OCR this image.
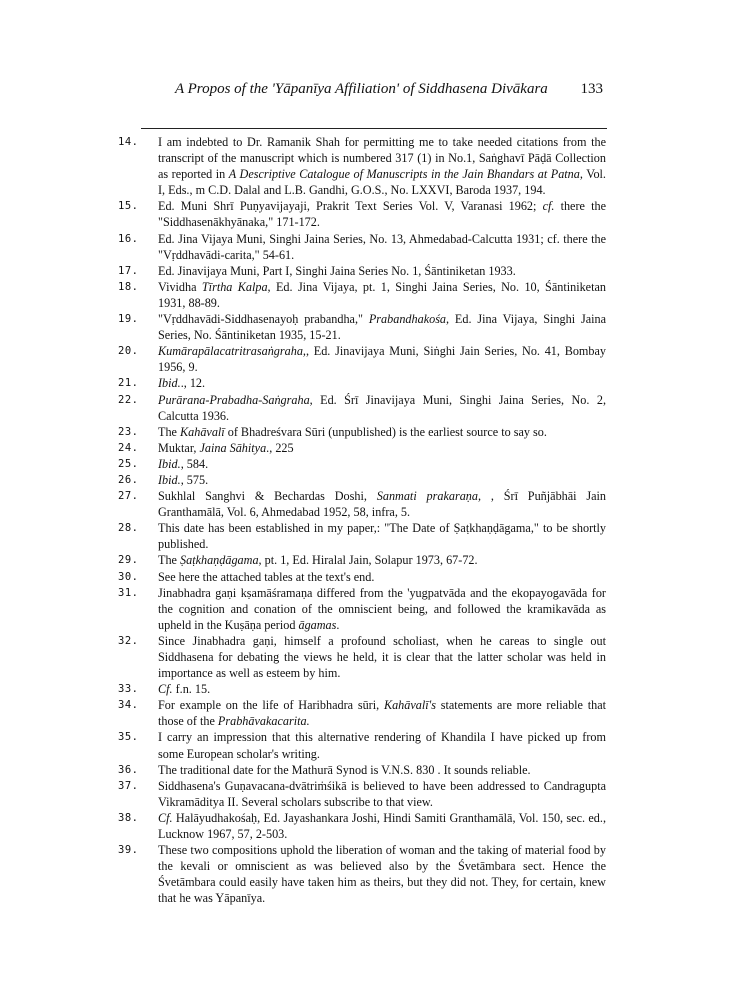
A Propos of the 'Yāpanīya Affiliation' of Siddhasena Divākara 133
14.	I am indebted to Dr. Ramanik Shah for permitting me to take needed citations from the transcript of the manuscript which is numbered 317 (1) in No.1, Saṅghavī Pāḍā Collection as reported in A Descriptive Catalogue of Manuscripts in the Jain Bhandars at Patna, Vol. I, Eds., m C.D. Dalal and L.B. Gandhi, G.O.S., No. LXXVI, Baroda 1937, 194.
15.	Ed. Muni Shrī Puṇyavijayaji, Prakrit Text Series Vol. V, Varanasi 1962; cf. there the "Siddhasenākhyānaka," 171-172.
16.	Ed. Jina Vijaya Muni, Singhi Jaina Series, No. 13, Ahmedabad-Calcutta 1931; cf. there the "Vṛddhavādi-carita," 54-61.
17.	Ed. Jinavijaya Muni, Part I, Singhi Jaina Series No. 1, Śāntiniketan 1933.
18.	Vividha Tīrtha Kalpa, Ed. Jina Vijaya, pt. 1, Singhi Jaina Series, No. 10, Śāntiniketan 1931, 88-89.
19.	"Vṛddhavādi-Siddhasenayoḥ prabandha," Prabandhakośa, Ed. Jina Vijaya, Singhi Jaina Series, No. Śāntiniketan 1935, 15-21.
20.	Kumārapālacatritrasaṅgraha,, Ed. Jinavijaya Muni, Siṅghi Jain Series, No. 41, Bombay 1956, 9.
21.	Ibid.., 12.
22.	Purārana-Prabadha-Saṅgraha, Ed. Śrī Jinavijaya Muni, Singhi Jaina Series, No. 2, Calcutta 1936.
23.	The Kahāvalī of Bhadreśvara Sūri (unpublished) is the earliest source to say so.
24.	Muktar, Jaina Sāhitya., 225
25.	Ibid., 584.
26.	Ibid., 575.
27.	Sukhlal Sanghvi & Bechardas Doshi, Sanmati prakaraṇa, , Śrī Puñjābhāi Jain Granthamālā, Vol. 6, Ahmedabad 1952, 58, infra, 5.
28.	This date has been established in my paper,: "The Date of Ṣaṭkhaṇḍāgama," to be shortly published.
29.	The Ṣaṭkhaṇḍāgama, pt. 1, Ed. Hiralal Jain, Solapur 1973, 67-72.
30.	See here the attached tables at the text's end.
31.	Jinabhadra gaṇi kṣamāśramaṇa differed from the 'yugpatvāda and the ekopayogavāda for the cognition and conation of the omniscient being, and followed the kramikavāda as upheld in the Kuṣāṇa period āgamas.
32.	Since Jinabhadra gaṇi, himself a profound scholiast, when he careas to single out Siddhasena for debating the views he held, it is clear that the latter scholar was held in importance as well as esteem by him.
33.	Cf. f.n. 15.
34.	For example on the life of Haribhadra sūri, Kahāvalī's statements are more reliable that those of the Prabhāvakacarita.
35.	I carry an impression that this alternative rendering of Khandila I have picked up from some European scholar's writing.
36.	The traditional date for the Mathurā Synod is V.N.S. 830 . It sounds reliable.
37.	Siddhasena's Guṇavacana-dvātriṁśikā is believed to have been addressed to Candragupta Vikramāditya II. Several scholars subscribe to that view.
38.	Cf. Halāyudhakośaḥ, Ed. Jayashankara Joshi, Hindi Samiti Granthamālā, Vol. 150, sec. ed., Lucknow 1967, 57, 2-503.
39.	These two compositions uphold the liberation of woman and the taking of material food by the kevali or omniscient as was believed also by the Śvetāmbara sect. Hence the Śvetāmbara could easily have taken him as theirs, but they did not. They, for certain, knew that he was Yāpanīya.
